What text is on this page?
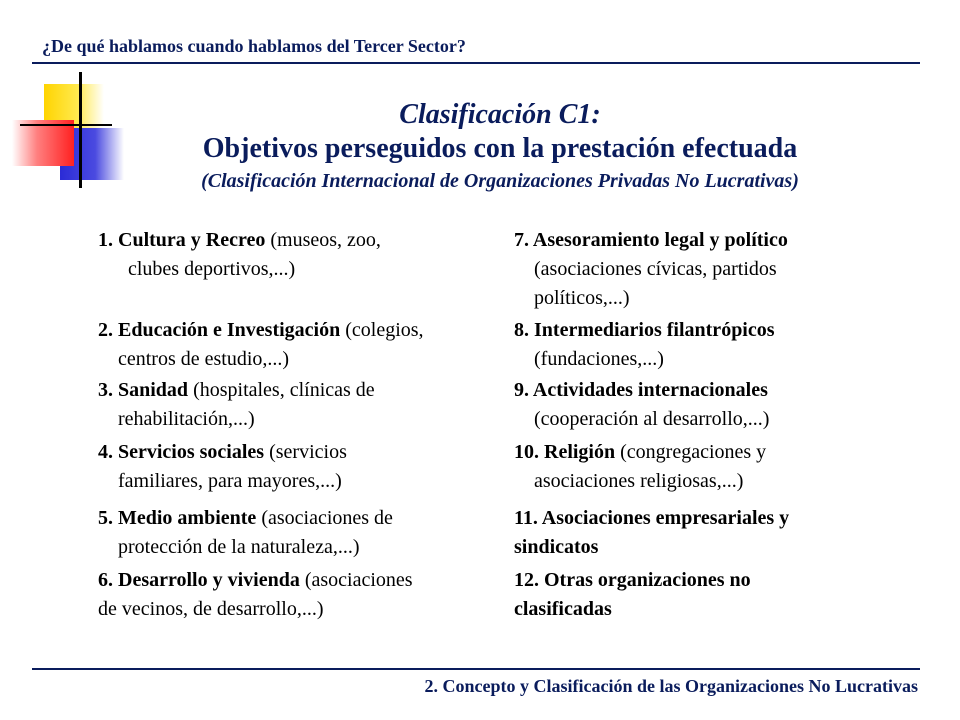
¿De qué hablamos cuando hablamos del Tercer Sector?
Clasificación C1:
Objetivos perseguidos con la prestación efectuada
(Clasificación Internacional de Organizaciones Privadas No Lucrativas)
1. Cultura y Recreo (museos, zoo,
clubes deportivos,...)
2. Educación e Investigación (colegios,
centros de estudio,...)
3. Sanidad (hospitales, clínicas de
rehabilitación,...)
4. Servicios sociales (servicios
familiares, para mayores,...)
5. Medio ambiente (asociaciones de
protección de la naturaleza,...)
6. Desarrollo y vivienda (asociaciones
de vecinos, de desarrollo,...)
7. Asesoramiento legal y político
(asociaciones cívicas, partidos
políticos,...)
8. Intermediarios filantrópicos
(fundaciones,...)
9. Actividades internacionales
(cooperación al desarrollo,...)
10. Religión (congregaciones y
asociaciones religiosas,...)
11. Asociaciones empresariales y
sindicatos
12. Otras organizaciones no
clasificadas
2. Concepto y Clasificación de las Organizaciones No Lucrativas
